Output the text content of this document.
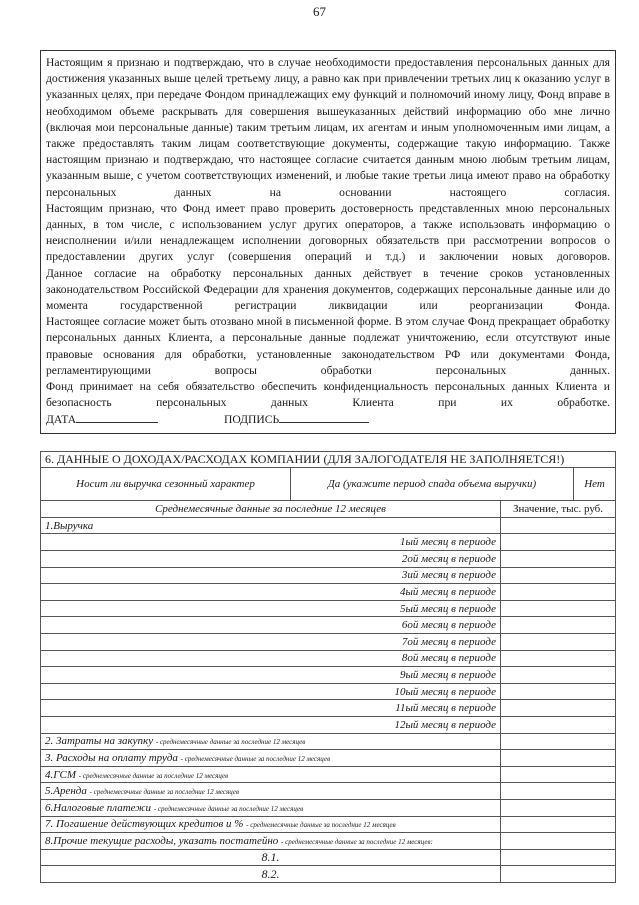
67

Настоящим я признаю и подтверждаю, что в случае необходимости предоставления персональных данных для достижения указанных выше целей третьему лицу, а равно как при привлечении третьих лиц к оказанию услуг в указанных целях, при передаче Фондом принадлежащих ему функций и полномочий иному лицу, Фонд вправе в необходимом объеме раскрывать для совершения вышеуказанных действий информацию обо мне лично (включая мои персональные данные) таким третьим лицам, их агентам и иным уполномоченным ими лицам, а также предоставлять таким лицам соответствующие документы, содержащие такую информацию. Также настоящим признаю и подтверждаю, что настоящее согласие считается данным мною любым третьим лицам, указанным выше, с учетом соответствующих изменений, и любые такие третьи лица имеют право на обработку персональных данных на основании настоящего согласия.

Настоящим признаю, что Фонд имеет право проверить достоверность представленных мною персональных данных, в том числе, с использованием услуг других операторов, а также использовать информацию о неисполнении и/или ненадлежащем исполнении договорных обязательств при рассмотрении вопросов о предоставлении других услуг (совершения операций и т.д.) и заключении новых договоров.

Данное согласие на обработку персональных данных действует в течение сроков установленных законодательством Российской Федерации для хранения документов, содержащих персональные данные или до момента государственной регистрации ликвидации или реорганизации Фонда.

Настоящее согласие может быть отозвано мной в письменной форме. В этом случае Фонд прекращает обработку персональных данных Клиента, а персональные данные подлежат уничтожению, если отсутствуют иные правовые основания для обработки, установленные законодательством РФ или документами Фонда, регламентирующими вопросы обработки персональных данных.

Фонд принимает на себя обязательство обеспечить конфиденциальность персональных данных Клиента и безопасность персональных данных Клиента при их обработке.

ДАТА	ПОДПИСЬ

6. ДАННЫЕ О ДОХОДАХ/РАСХОДАХ КОМПАНИИ (ДЛЯ ЗАЛОГОДАТЕЛЯ НЕ ЗАПОЛНЯЕТСЯ!)			
Носит ли выручка сезонный характер	Да (укажите период спада объема выручки)		Нет
Среднемесячные данные за последние 12 месяцев		Значение, тыс. руб.	
1.Выручка			
1ый месяц в периоде			
2ой месяц в периоде			
3ий месяц в периоде			
4ый месяц в периоде			
5ый месяц в периоде			
6ой месяц в периоде			
7ой месяц в периоде			
8ой месяц в периоде			
9ый месяц в периоде			
10ый месяц в периоде			
11ый месяц в периоде			
12ый месяц в периоде			
2. Затраты на закупку - среднемесячные данные за последние 12 месяцев			
3. Расходы на оплату труда - среднемесячные данные за последние 12 месяцев			
4.ГСМ - среднемесячные данные за последние 12 месяцев			
5.Аренда - среднемесячные данные за последние 12 месяцев			
6.Налоговые платежи - среднемесячные данные за последние 12 месяцев			
7. Погашение действующих кредитов и % - среднемесячные данные за последние 12 месяцев			
8.Прочие текущие расходы, указать постатейно - среднемесячные данные за последние 12 месяцев:			
8.1.			
8.2.			
